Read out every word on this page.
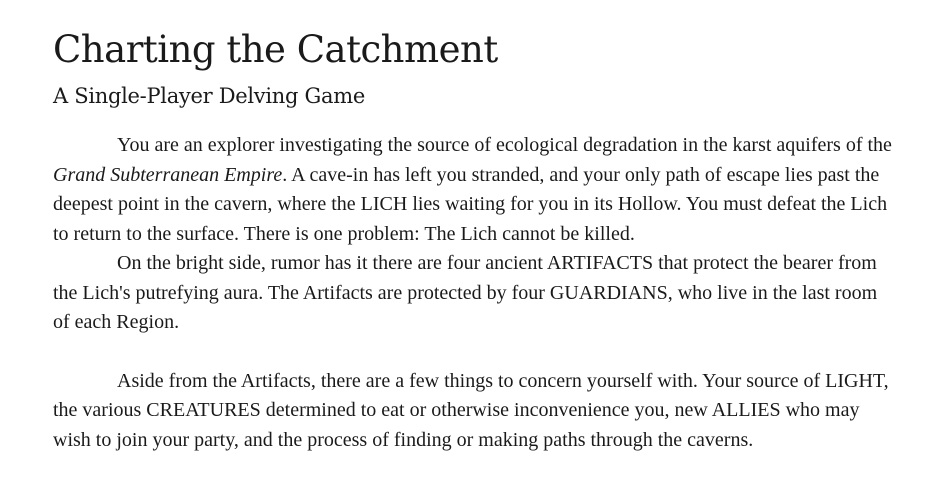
Charting the Catchment
A Single-Player Delving Game

You are an explorer investigating the source of ecological degradation in the karst aquifers of the Grand Subterranean Empire. A cave-in has left you stranded, and your only path of escape lies past the deepest point in the cavern, where the LICH lies waiting for you in its Hollow. You must defeat the Lich to return to the surface. There is one problem: The Lich cannot be killed.

On the bright side, rumor has it there are four ancient ARTIFACTS that protect the bearer from the Lich's putrefying aura. The Artifacts are protected by four GUARDIANS, who live in the last room of each Region.

Aside from the Artifacts, there are a few things to concern yourself with. Your source of LIGHT, the various CREATURES determined to eat or otherwise inconvenience you, new ALLIES who may wish to join your party, and the process of finding or making paths through the caverns.
